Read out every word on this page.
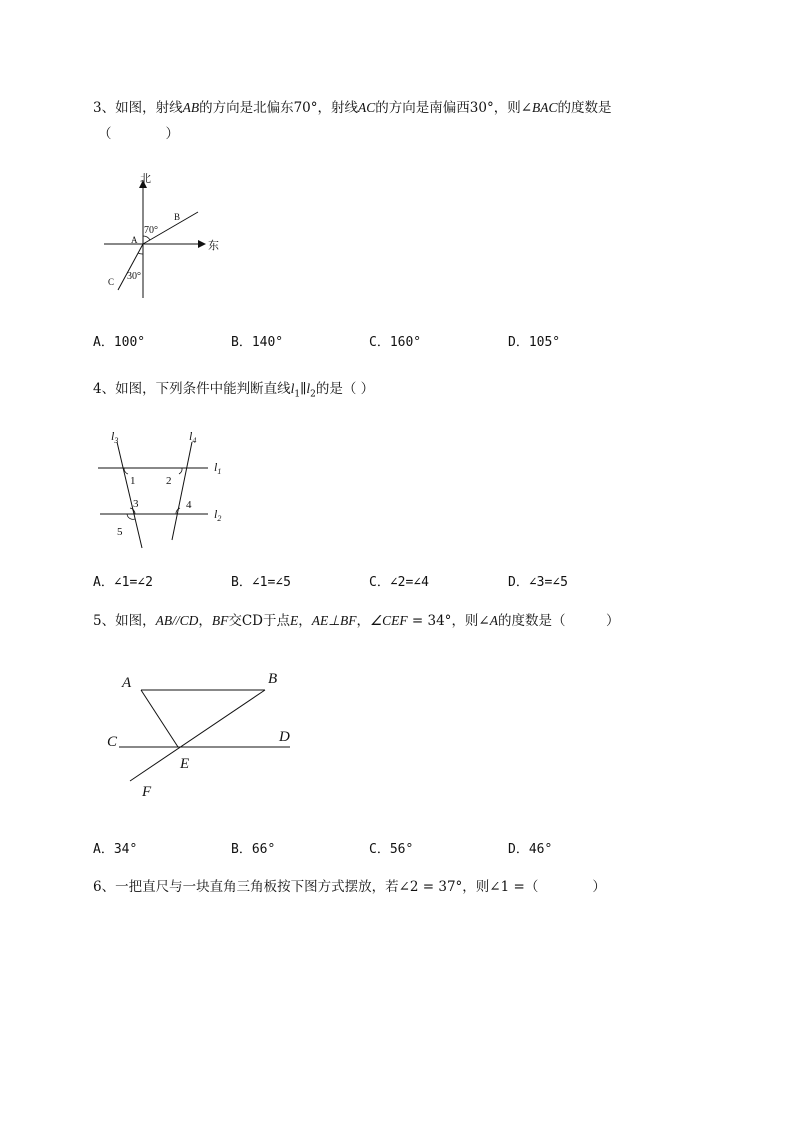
3、如图，射线AB的方向是北偏东70°，射线AC的方向是南偏西30°，则∠BAC的度数是
（　　　　）
北
东
A
B
C
70°
30°
A．100°	B．140°	C．160°	D．105°
4、如图，下列条件中能判断直线$l_1\parallel l_2$的是（ ）
$l_3$	$l_4$
$l_1$
$l_2$
1	2
3	4
5
A．∠1=∠2	B．∠1=∠5	C．∠2=∠4	D．∠3=∠5
5、如图，AB//CD，BF交CD于点E，AE⊥BF，∠CEF = 34°，则∠A的度数是（　　　）
A	B
C	D
E
F
A．34°	B．66°	C．56°	D．46°
6、一把直尺与一块直角三角板按下图方式摆放，若∠2 = 37°，则∠1 =（　　　　）
